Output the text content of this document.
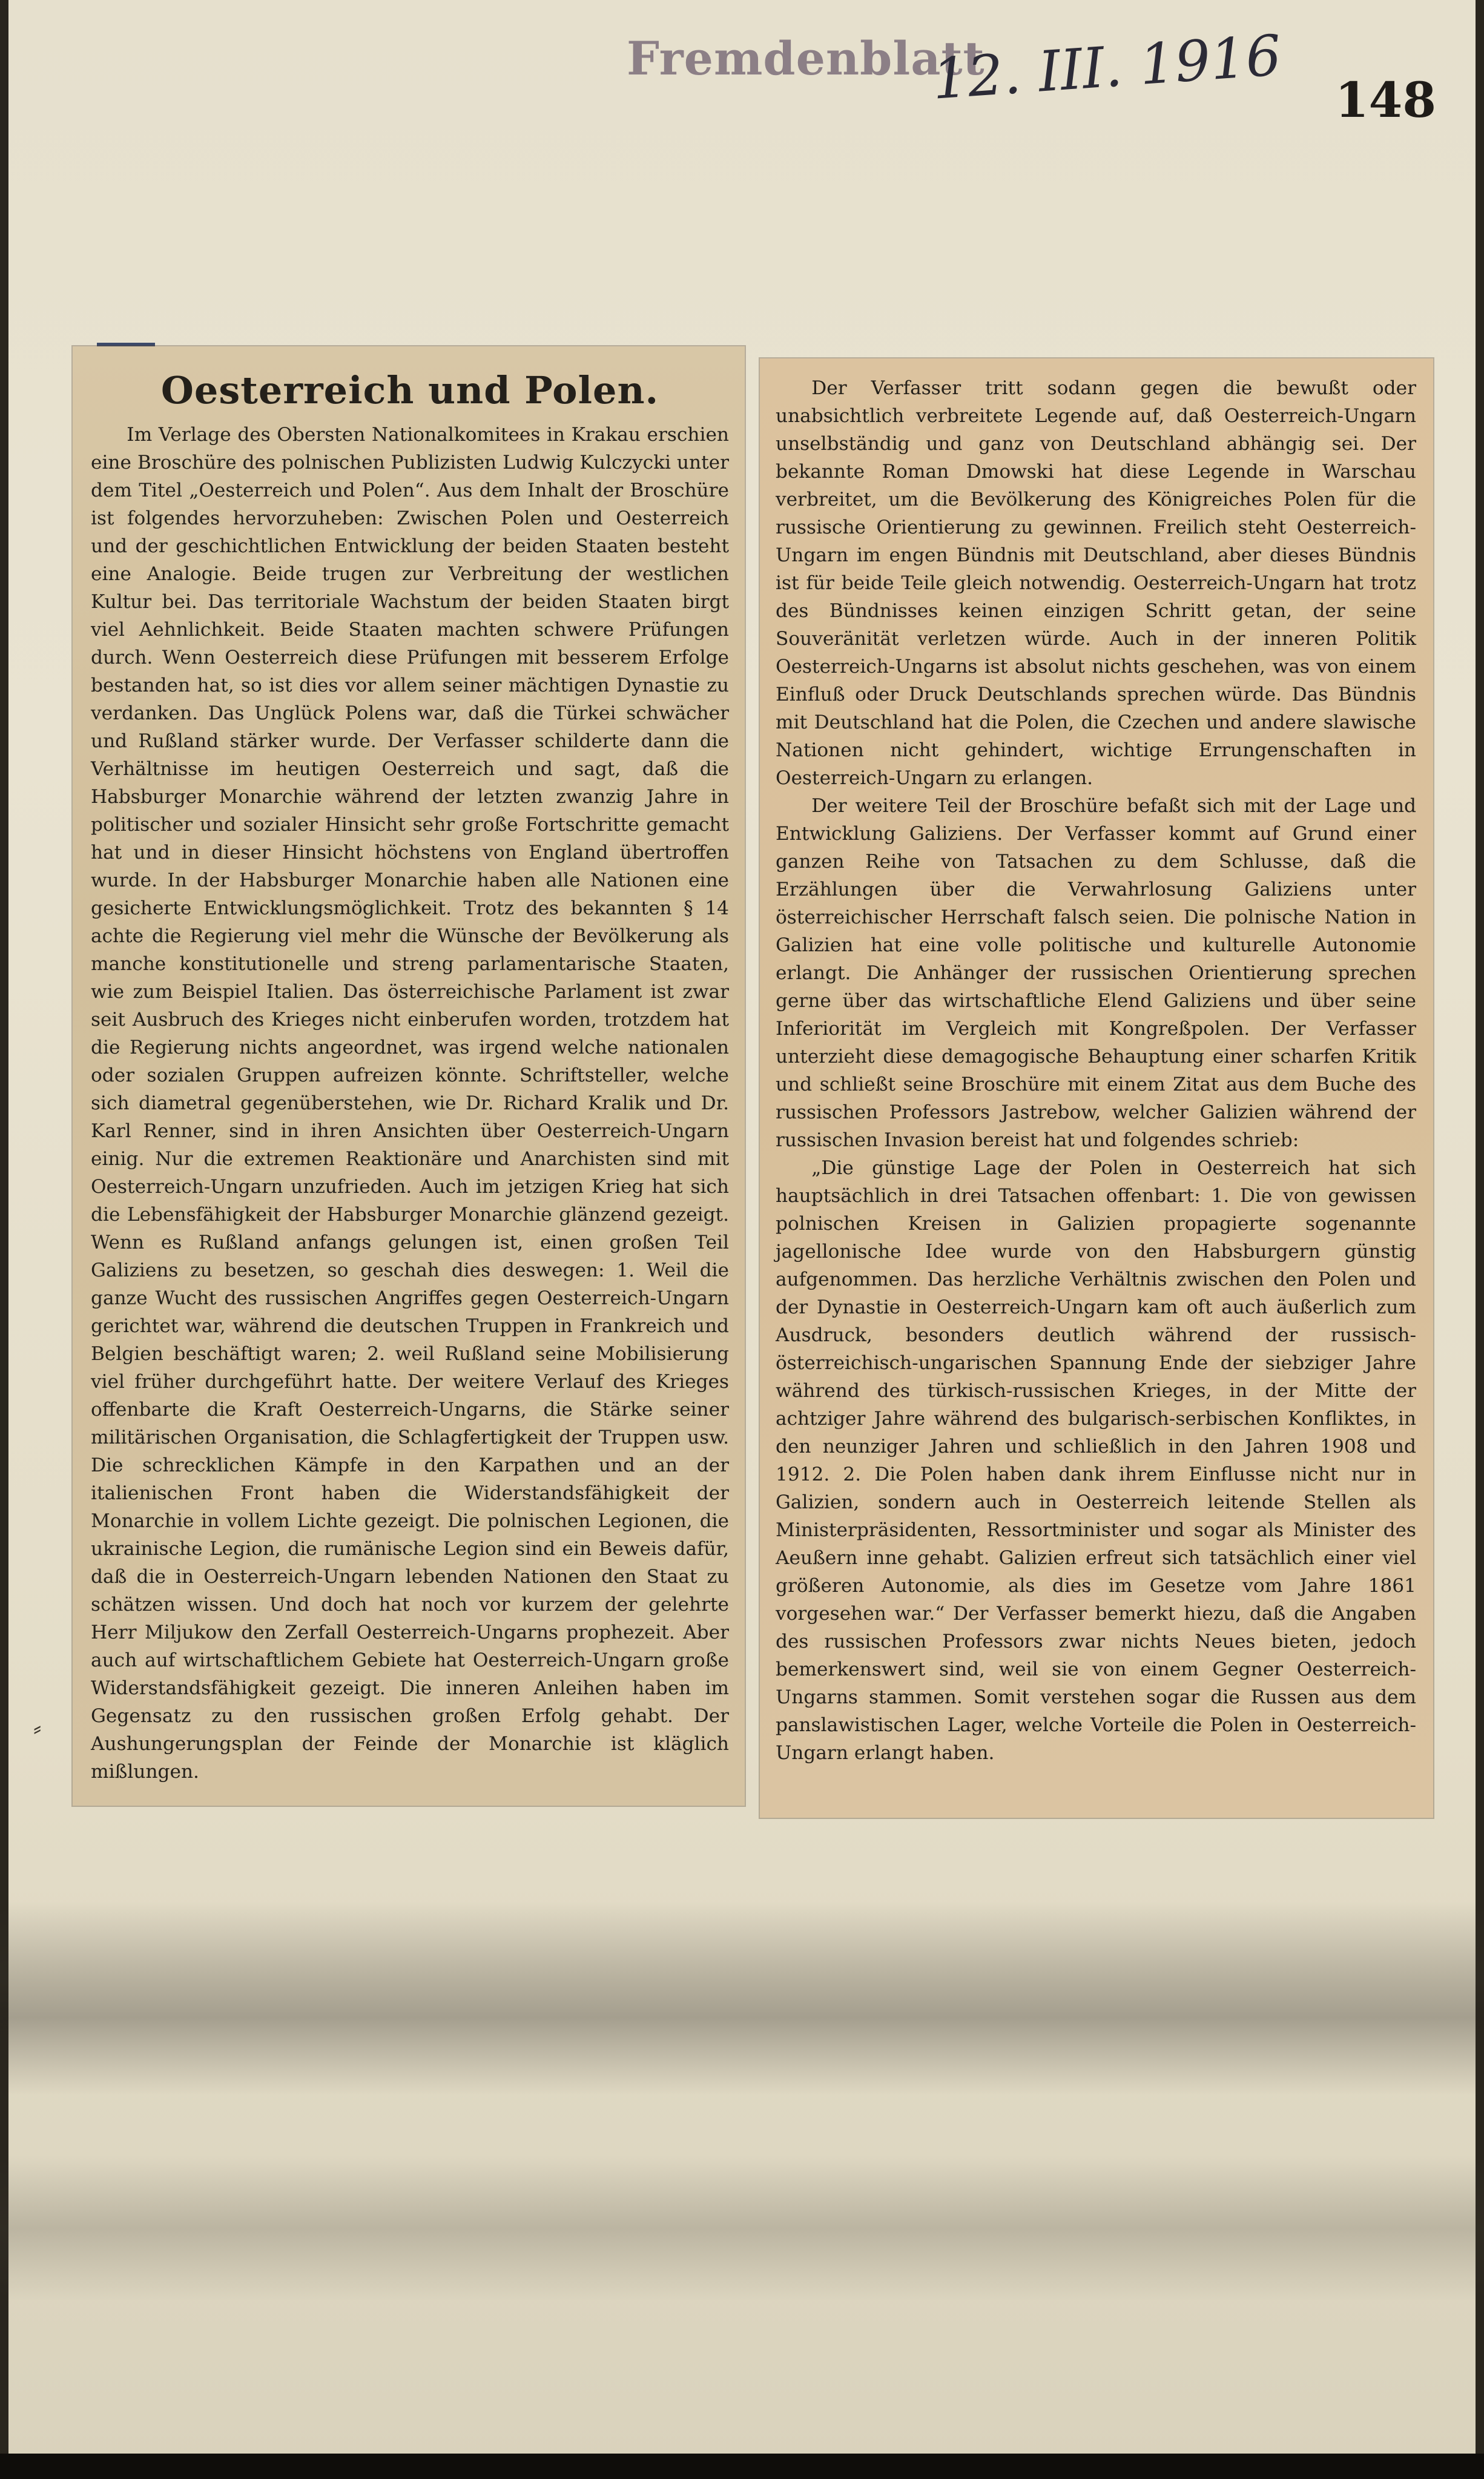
Fremdenblatt
12. III. 1916 148
⸗
Oesterreich und Polen.

Im Verlage des Obersten Nationalkomitees in Krakau erschien eine Broschüre des polnischen Publizisten Ludwig Kulczycki unter dem Titel „Oesterreich und Polen“. Aus dem Inhalt der Broschüre ist folgendes hervorzuheben: Zwischen Polen und Oesterreich und der geschichtlichen Entwicklung der beiden Staaten besteht eine Analogie. Beide trugen zur Verbreitung der westlichen Kultur bei. Das territoriale Wachstum der beiden Staaten birgt viel Aehnlichkeit. Beide Staaten machten schwere Prüfungen durch. Wenn Oesterreich diese Prüfungen mit besserem Erfolge bestanden hat, so ist dies vor allem seiner mächtigen Dynastie zu verdanken. Das Unglück Polens war, daß die Türkei schwächer und Rußland stärker wurde. Der Verfasser schilderte dann die Verhältnisse im heutigen Oesterreich und sagt, daß die Habsburger Monarchie während der letzten zwanzig Jahre in politischer und sozialer Hinsicht sehr große Fortschritte gemacht hat und in dieser Hinsicht höchstens von England übertroffen wurde. In der Habsburger Monarchie haben alle Nationen eine gesicherte Entwicklungsmöglichkeit. Trotz des bekannten § 14 achte die Regierung viel mehr die Wünsche der Bevölkerung als manche konstitutionelle und streng parlamentarische Staaten, wie zum Beispiel Italien. Das österreichische Parlament ist zwar seit Ausbruch des Krieges nicht einberufen worden, trotzdem hat die Regierung nichts angeordnet, was irgend welche nationalen oder sozialen Gruppen aufreizen könnte. Schriftsteller, welche sich diametral gegenüberstehen, wie Dr. Richard Kralik und Dr. Karl Renner, sind in ihren Ansichten über Oesterreich-Ungarn einig. Nur die extremen Reaktionäre und Anarchisten sind mit Oesterreich-Ungarn unzufrieden. Auch im jetzigen Krieg hat sich die Lebensfähigkeit der Habsburger Monarchie glänzend gezeigt. Wenn es Rußland anfangs gelungen ist, einen großen Teil Galiziens zu besetzen, so geschah dies deswegen: 1. Weil die ganze Wucht des russischen Angriffes gegen Oesterreich-Ungarn gerichtet war, während die deutschen Truppen in Frankreich und Belgien beschäftigt waren; 2. weil Rußland seine Mobilisierung viel früher durchgeführt hatte. Der weitere Verlauf des Krieges offenbarte die Kraft Oesterreich-Ungarns, die Stärke seiner militärischen Organisation, die Schlagfertigkeit der Truppen usw. Die schrecklichen Kämpfe in den Karpathen und an der italienischen Front haben die Widerstandsfähigkeit der Monarchie in vollem Lichte gezeigt. Die polnischen Legionen, die ukrainische Legion, die rumänische Legion sind ein Beweis dafür, daß die in Oesterreich-Ungarn lebenden Nationen den Staat zu schätzen wissen. Und doch hat noch vor kurzem der gelehrte Herr Miljukow den Zerfall Oesterreich-Ungarns prophezeit. Aber auch auf wirtschaftlichem Gebiete hat Oesterreich-Ungarn große Widerstandsfähigkeit gezeigt. Die inneren Anleihen haben im Gegensatz zu den russischen großen Erfolg gehabt. Der Aushungerungsplan der Feinde der Monarchie ist kläglich mißlungen.

Der Verfasser tritt sodann gegen die bewußt oder unabsichtlich verbreitete Legende auf, daß Oesterreich-Ungarn unselbständig und ganz von Deutschland abhängig sei. Der bekannte Roman Dmowski hat diese Legende in Warschau verbreitet, um die Bevölkerung des Königreiches Polen für die russische Orientierung zu gewinnen. Freilich steht Oesterreich-Ungarn im engen Bündnis mit Deutschland, aber dieses Bündnis ist für beide Teile gleich notwendig. Oesterreich-Ungarn hat trotz des Bündnisses keinen einzigen Schritt getan, der seine Souveränität verletzen würde. Auch in der inneren Politik Oesterreich-Ungarns ist absolut nichts geschehen, was von einem Einfluß oder Druck Deutschlands sprechen würde. Das Bündnis mit Deutschland hat die Polen, die Czechen und andere slawische Nationen nicht gehindert, wichtige Errungenschaften in Oesterreich-Ungarn zu erlangen.

Der weitere Teil der Broschüre befaßt sich mit der Lage und Entwicklung Galiziens. Der Verfasser kommt auf Grund einer ganzen Reihe von Tatsachen zu dem Schlusse, daß die Erzählungen über die Verwahrlosung Galiziens unter österreichischer Herrschaft falsch seien. Die polnische Nation in Galizien hat eine volle politische und kulturelle Autonomie erlangt. Die Anhänger der russischen Orientierung sprechen gerne über das wirtschaftliche Elend Galiziens und über seine Inferiorität im Vergleich mit Kongreßpolen. Der Verfasser unterzieht diese demagogische Behauptung einer scharfen Kritik und schließt seine Broschüre mit einem Zitat aus dem Buche des russischen Professors Jastrebow, welcher Galizien während der russischen Invasion bereist hat und folgendes schrieb:

„Die günstige Lage der Polen in Oesterreich hat sich hauptsächlich in drei Tatsachen offenbart: 1. Die von gewissen polnischen Kreisen in Galizien propagierte sogenannte jagellonische Idee wurde von den Habsburgern günstig aufgenommen. Das herzliche Verhältnis zwischen den Polen und der Dynastie in Oesterreich-Ungarn kam oft auch äußerlich zum Ausdruck, besonders deutlich während der russisch-österreichisch-ungarischen Spannung Ende der siebziger Jahre während des türkisch-russischen Krieges, in der Mitte der achtziger Jahre während des bulgarisch-serbischen Konfliktes, in den neunziger Jahren und schließlich in den Jahren 1908 und 1912. 2. Die Polen haben dank ihrem Einflusse nicht nur in Galizien, sondern auch in Oesterreich leitende Stellen als Ministerpräsidenten, Ressortminister und sogar als Minister des Aeußern inne gehabt. Galizien erfreut sich tatsächlich einer viel größeren Autonomie, als dies im Gesetze vom Jahre 1861 vorgesehen war.“ Der Verfasser bemerkt hiezu, daß die Angaben des russischen Professors zwar nichts Neues bieten, jedoch bemerkenswert sind, weil sie von einem Gegner Oesterreich-Ungarns stammen. Somit verstehen sogar die Russen aus dem panslawistischen Lager, welche Vorteile die Polen in Oesterreich-Ungarn erlangt haben.
